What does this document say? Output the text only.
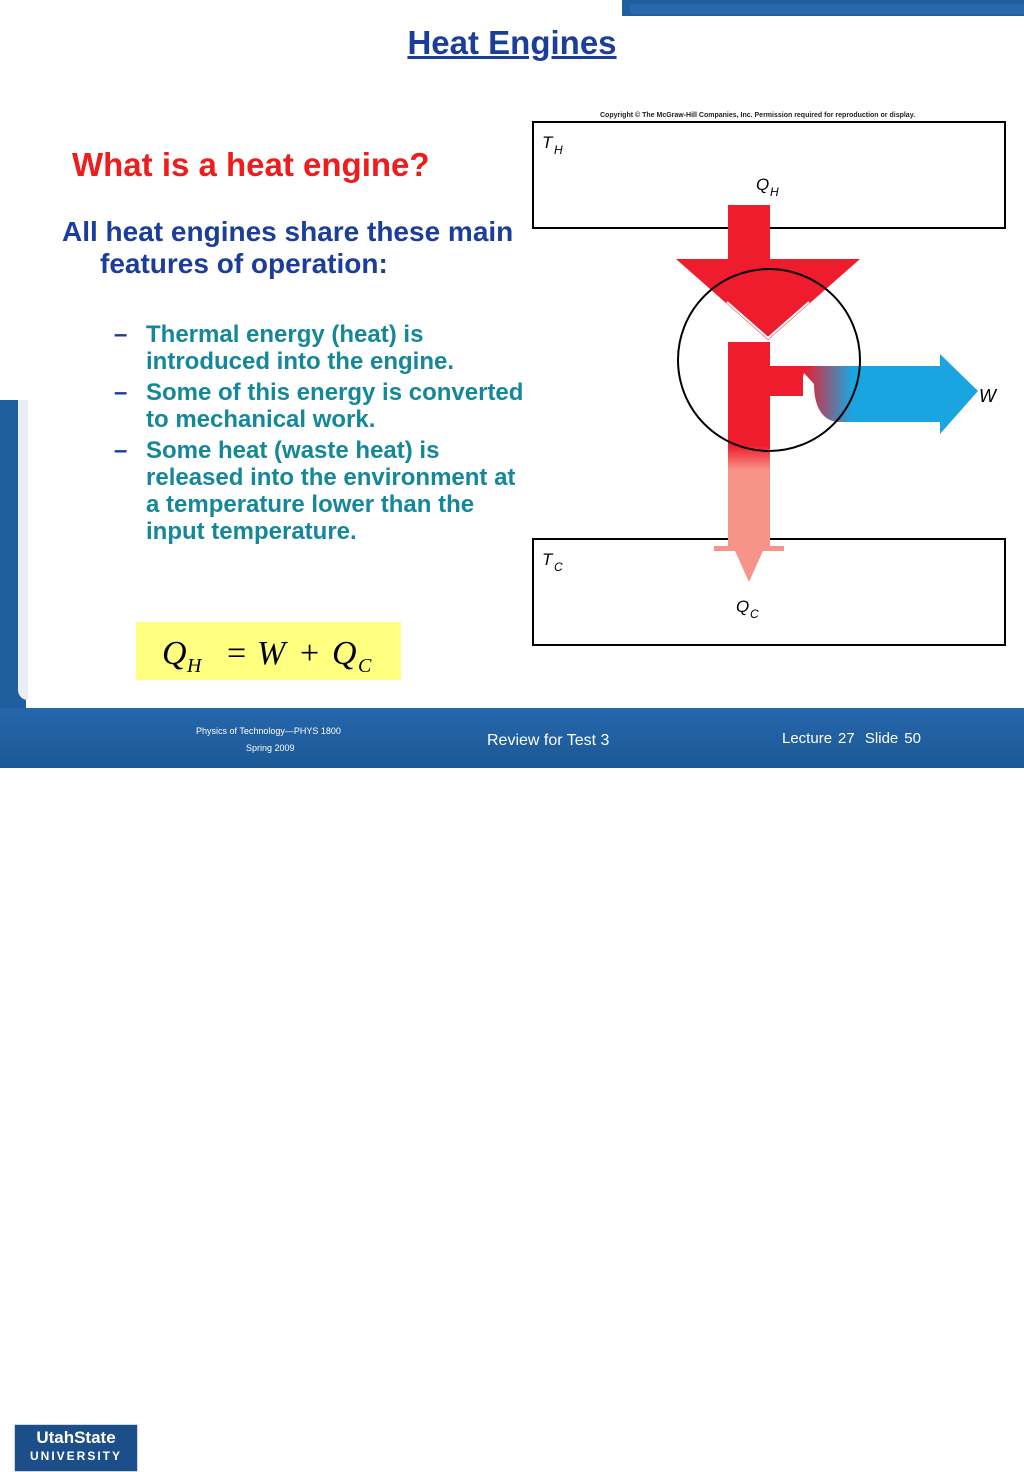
Heat Engines
What is a heat engine?
All heat engines share these main features of operation:
– Thermal energy (heat) is introduced into the engine.
– Some of this energy is converted to mechanical work.
– Some heat (waste heat) is released into the environment at a temperature lower than the input temperature.
Q H = W + Q C
Copyright © The McGraw-Hill Companies, Inc. Permission required for reproduction or display.
T H
T C
Q H
W
Q C
UtahState
UNIVERSITY
Physics of Technology—PHYS 1800
Spring 2009	Review for Test 3	Lecture 27 Slide 50
